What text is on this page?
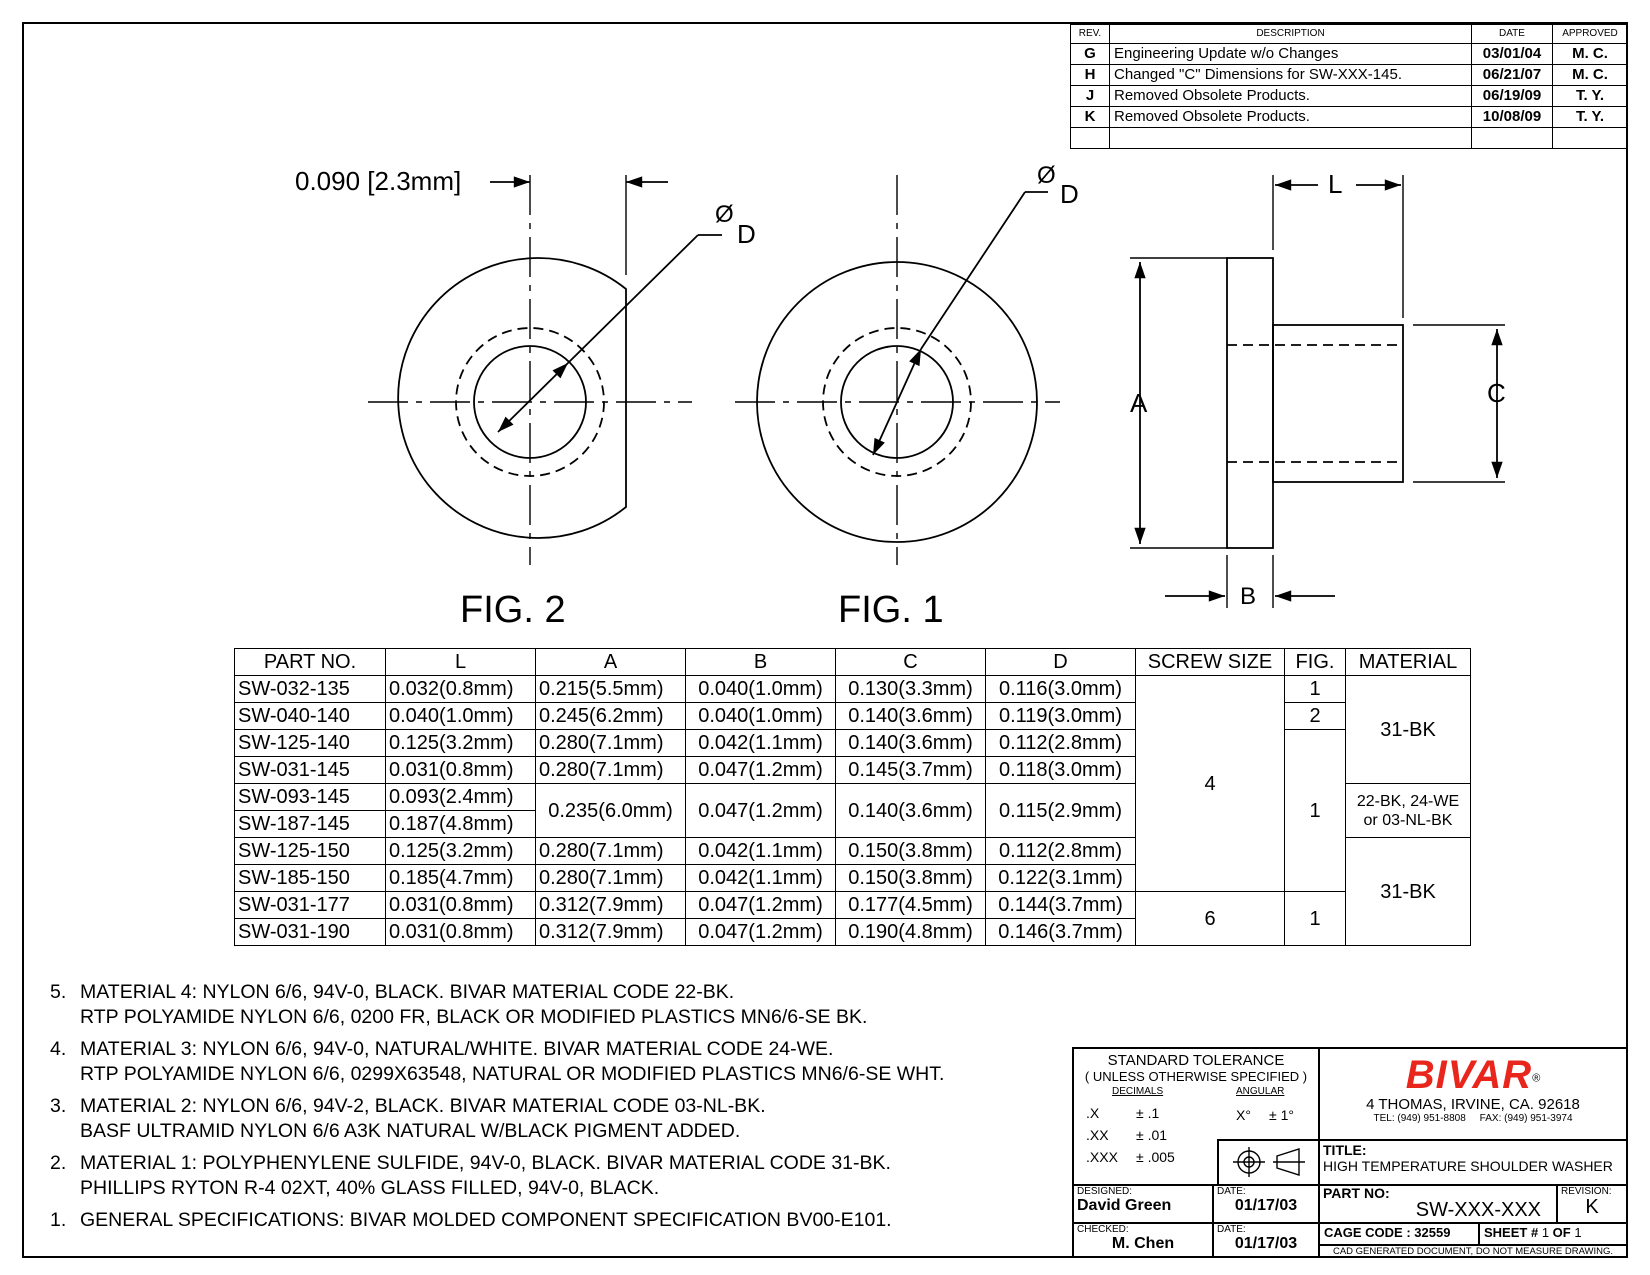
REV.	DESCRIPTION	DATE	APPROVED
G	Engineering Update w/o Changes	03/01/04	M. C.
H	Changed "C" Dimensions for SW-XXX-145.	06/21/07	M. C.
J	Removed Obsolete Products.	06/19/09	T. Y.
K	Removed Obsolete Products.	10/08/09	T. Y.

0.090 [2.3mm]
Ø
D
Ø
D	L
A	C
B
FIG. 2	FIG. 1
PART NO.	L	A	B	C	D	SCREW SIZE	FIG.	MATERIAL
SW-032-135	0.032(0.8mm)	0.215(5.5mm)	0.040(1.0mm)	0.130(3.3mm)	0.116(3.0mm)	4	1	31-BK
SW-040-140	0.040(1.0mm)	0.245(6.2mm)	0.040(1.0mm)	0.140(3.6mm)	0.119(3.0mm)		2	
SW-125-140	0.125(3.2mm)	0.280(7.1mm)	0.042(1.1mm)	0.140(3.6mm)	0.112(2.8mm)		1	
SW-031-145	0.031(0.8mm)	0.280(7.1mm)	0.047(1.2mm)	0.145(3.7mm)	0.118(3.0mm)			
SW-093-145	0.093(2.4mm)	0.235(6.0mm)	0.047(1.2mm)	0.140(3.6mm)	0.115(2.9mm)			22-BK, 24-WE
or 03-NL-BK
SW-187-145	0.187(4.8mm)							
SW-125-150	0.125(3.2mm)	0.280(7.1mm)	0.042(1.1mm)	0.150(3.8mm)	0.112(2.8mm)			31-BK
SW-185-150	0.185(4.7mm)	0.280(7.1mm)	0.042(1.1mm)	0.150(3.8mm)	0.122(3.1mm)			
SW-031-177	0.031(0.8mm)	0.312(7.9mm)	0.047(1.2mm)	0.177(4.5mm)	0.144(3.7mm)	6	1	
SW-031-190	0.031(0.8mm)	0.312(7.9mm)	0.047(1.2mm)	0.190(4.8mm)	0.146(3.7mm)			
5. MATERIAL 4: NYLON 6/6, 94V-0, BLACK. BIVAR MATERIAL CODE 22-BK.
RTP POLYAMIDE NYLON 6/6, 0200 FR, BLACK OR MODIFIED PLASTICS MN6/6-SE BK.
4. MATERIAL 3: NYLON 6/6, 94V-0, NATURAL/WHITE. BIVAR MATERIAL CODE 24-WE.
RTP POLYAMIDE NYLON 6/6, 0299X63548, NATURAL OR MODIFIED PLASTICS MN6/6-SE WHT.
3. MATERIAL 2: NYLON 6/6, 94V-2, BLACK. BIVAR MATERIAL CODE 03-NL-BK.
BASF ULTRAMID NYLON 6/6 A3K NATURAL W/BLACK PIGMENT ADDED.
2. MATERIAL 1: POLYPHENYLENE SULFIDE, 94V-0, BLACK. BIVAR MATERIAL CODE 31-BK.
PHILLIPS RYTON R-4 02XT, 40% GLASS FILLED, 94V-0, BLACK.
1. GENERAL SPECIFICATIONS: BIVAR MOLDED COMPONENT SPECIFICATION BV00-E101.
STANDARD TOLERANCE
( UNLESS OTHERWISE SPECIFIED )
DECIMALS	ANGULAR
.X	± .1
.XX ± .01
.XXX ± .005
X° ± 1°
BIVAR®
4 THOMAS, IRVINE, CA. 92618
TEL: (949) 951-8808 FAX: (949) 951-3974
TITLE:
HIGH TEMPERATURE SHOULDER WASHER
DESIGNED:
David Green
DATE:
01/17/03
PART NO:
SW-XXX-XXX
REVISION:
K
CHECKED:
M. Chen
DATE:
01/17/03
CAGE CODE : 32559	SHEET # 1 OF 1
CAD GENERATED DOCUMENT, DO NOT MEASURE DRAWING.
